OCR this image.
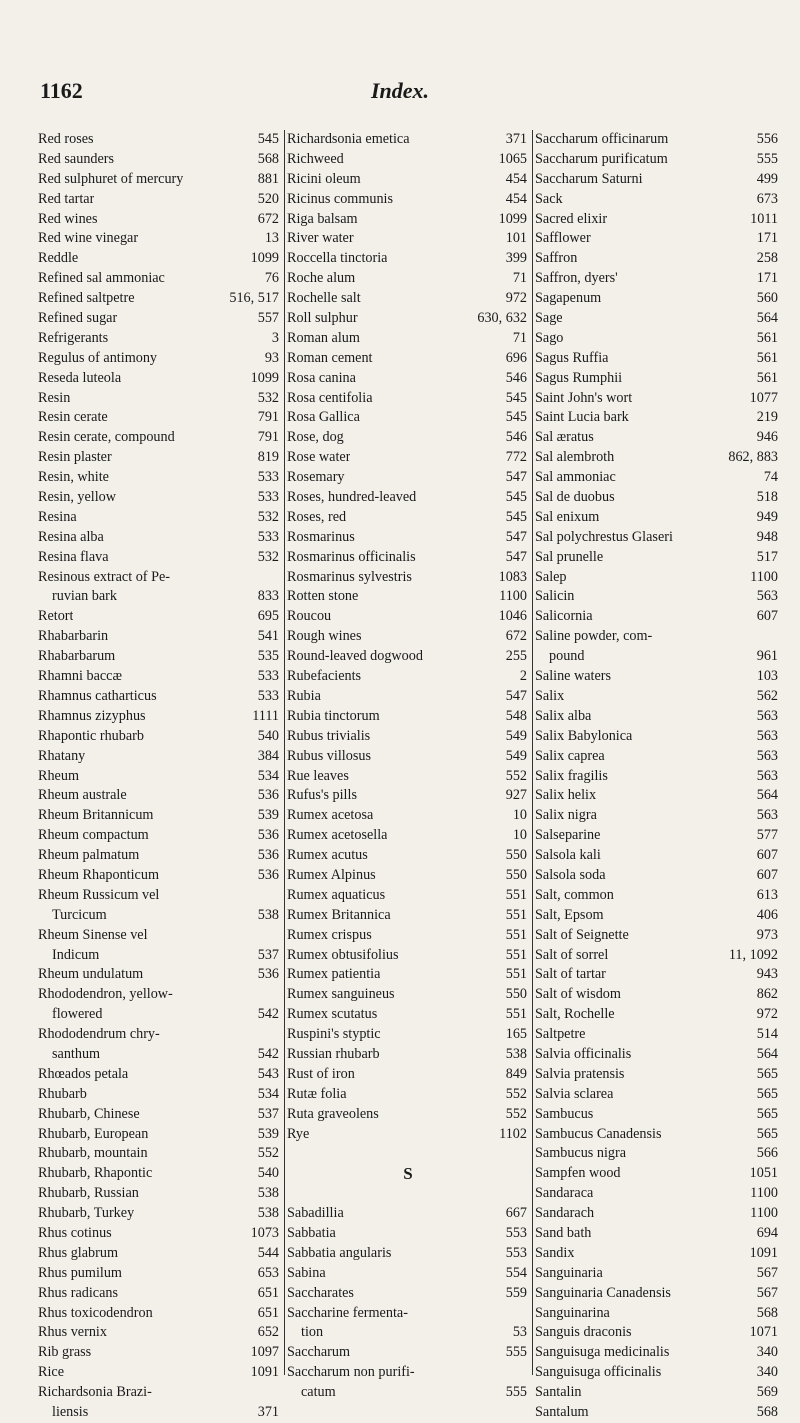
1162	Index.
Red roses	545
Red saunders	568
Red sulphuret of mercury	881
Red tartar	520
Red wines	672
Red wine vinegar	13
Reddle	1099
Refined sal ammoniac	76
Refined saltpetre	516, 517
Refined sugar	557
Refrigerants	3
Regulus of antimony	93
Reseda luteola	1099
Resin	532
Resin cerate	791
Resin cerate, compound	791
Resin plaster	819
Resin, white	533
Resin, yellow	533
Resina	532
Resina alba	533
Resina flava	532
Resinous extract of Pe-
ruvian bark	833
Retort	695
Rhabarbarin	541
Rhabarbarum	535
Rhamni baccæ	533
Rhamnus catharticus	533
Rhamnus zizyphus	1111
Rhapontic rhubarb	540
Rhatany	384
Rheum	534
Rheum australe	536
Rheum Britannicum	539
Rheum compactum	536
Rheum palmatum	536
Rheum Rhaponticum	536
Rheum Russicum vel
Turcicum	538
Rheum Sinense vel
Indicum	537
Rheum undulatum	536
Rhododendron, yellow-
flowered	542
Rhododendrum chry-
santhum	542
Rhœados petala	543
Rhubarb	534
Rhubarb, Chinese	537
Rhubarb, European	539
Rhubarb, mountain	552
Rhubarb, Rhapontic	540
Rhubarb, Russian	538
Rhubarb, Turkey	538
Rhus cotinus	1073
Rhus glabrum	544
Rhus pumilum	653
Rhus radicans	651
Rhus toxicodendron	651
Rhus vernix	652
Rib grass	1097
Rice	1091
Richardsonia Brazi-
liensis	371
Richardsonia emetica	371
Richweed	1065
Ricini oleum	454
Ricinus communis	454
Riga balsam	1099
River water	101
Roccella tinctoria	399
Roche alum	71
Rochelle salt	972
Roll sulphur	630, 632
Roman alum	71
Roman cement	696
Rosa canina	546
Rosa centifolia	545
Rosa Gallica	545
Rose, dog	546
Rose water	772
Rosemary	547
Roses, hundred-leaved	545
Roses, red	545
Rosmarinus	547
Rosmarinus officinalis	547
Rosmarinus sylvestris	1083
Rotten stone	1100
Roucou	1046
Rough wines	672
Round-leaved dogwood	255
Rubefacients	2
Rubia	547
Rubia tinctorum	548
Rubus trivialis	549
Rubus villosus	549
Rue leaves	552
Rufus's pills	927
Rumex acetosa	10
Rumex acetosella	10
Rumex acutus	550
Rumex Alpinus	550
Rumex aquaticus	551
Rumex Britannica	551
Rumex crispus	551
Rumex obtusifolius	551
Rumex patientia	551
Rumex sanguineus	550
Rumex scutatus	551
Ruspini's styptic	165
Russian rhubarb	538
Rust of iron	849
Rutæ folia	552
Ruta graveolens	552
Rye	1102
S
Sabadillia	667
Sabbatia	553
Sabbatia angularis	553
Sabina	554
Saccharates	559
Saccharine fermenta-
tion	53
Saccharum	555
Saccharum non purifi-
catum	555
Saccharum officinarum	556
Saccharum purificatum	555
Saccharum Saturni	499
Sack	673
Sacred elixir	1011
Safflower	171
Saffron	258
Saffron, dyers'	171
Sagapenum	560
Sage	564
Sago	561
Sagus Ruffia	561
Sagus Rumphii	561
Saint John's wort	1077
Saint Lucia bark	219
Sal æratus	946
Sal alembroth	862, 883
Sal ammoniac	74
Sal de duobus	518
Sal enixum	949
Sal polychrestus Glaseri	948
Sal prunelle	517
Salep	1100
Salicin	563
Salicornia	607
Saline powder, com-
pound	961
Saline waters	103
Salix	562
Salix alba	563
Salix Babylonica	563
Salix caprea	563
Salix fragilis	563
Salix helix	564
Salix nigra	563
Salseparine	577
Salsola kali	607
Salsola soda	607
Salt, common	613
Salt, Epsom	406
Salt of Seignette	973
Salt of sorrel	11, 1092
Salt of tartar	943
Salt of wisdom	862
Salt, Rochelle	972
Saltpetre	514
Salvia officinalis	564
Salvia pratensis	565
Salvia sclarea	565
Sambucus	565
Sambucus Canadensis	565
Sambucus nigra	566
Sampfen wood	1051
Sandaraca	1100
Sandarach	1100
Sand bath	694
Sandix	1091
Sanguinaria	567
Sanguinaria Canadensis	567
Sanguinarina	568
Sanguis draconis	1071
Sanguisuga medicinalis	340
Sanguisuga officinalis	340
Santalin	569
Santalum	568
